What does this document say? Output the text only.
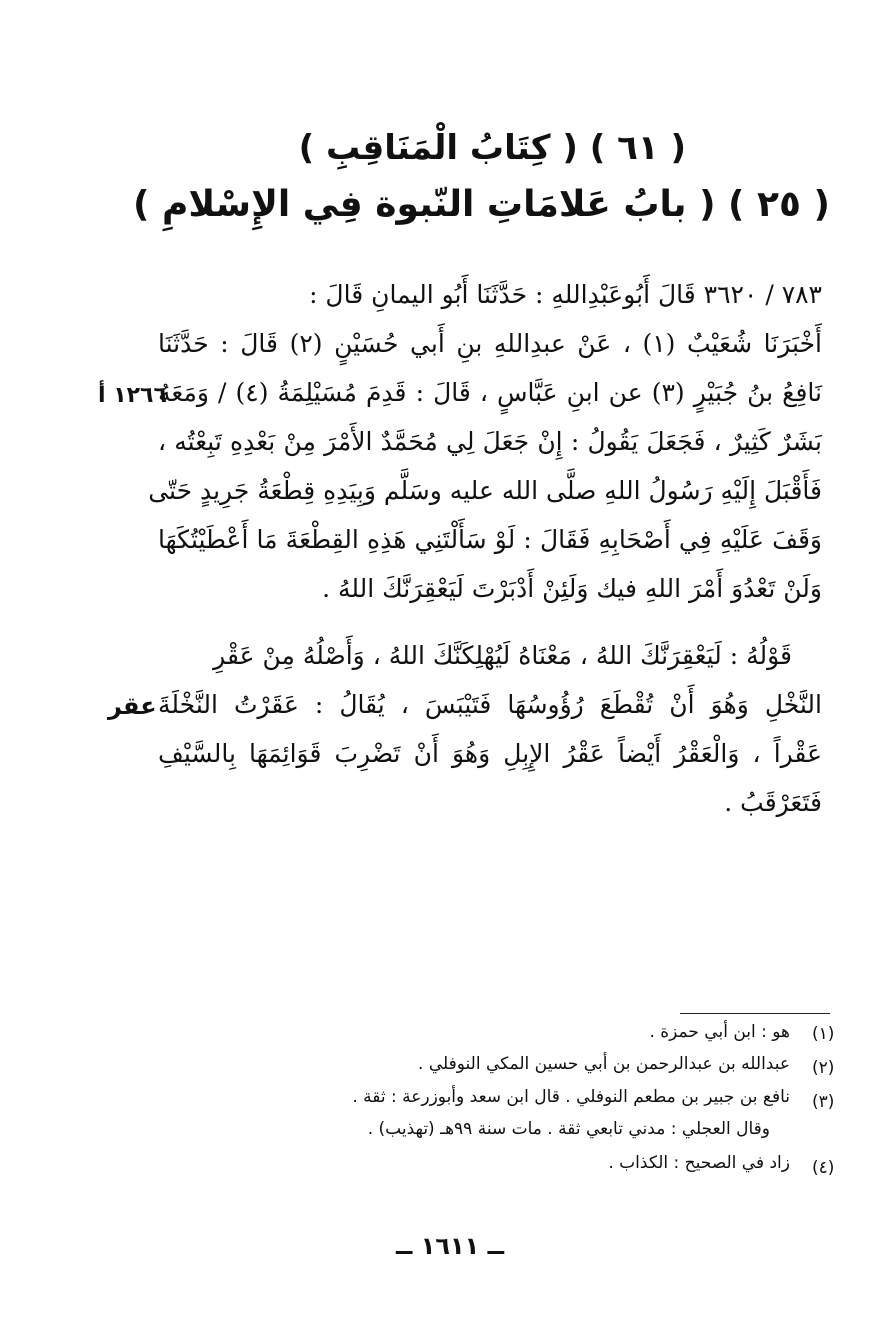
( ٦١ ) ( كِتَابُ الْمَنَاقِبِ )
( ٢٥ ) ( بابُ عَلامَاتِ النّبوة فِي الإِسْلامِ )
٧٨٣ / ٣٦٢٠ قَالَ أَبُوعَبْدِاللهِ : حَدَّثَنَا أَبُو اليمانِ قَالَ :
أَخْبَرَنَا شُعَيْبٌ (١) ، عَنْ عبدِاللهِ بنِ أَبي حُسَيْنٍ (٢) قَالَ : حَدَّثَنَا
نَافِعُ بنُ جُبَيْرٍ (٣) عن ابنِ عَبَّاسٍ ، قَالَ : قَدِمَ مُسَيْلِمَةُ (٤) / وَمَعَهُ
بَشَرٌ كَثِيرٌ ، فَجَعَلَ يَقُولُ : إِنْ جَعَلَ لِي مُحَمَّدٌ الأَمْرَ مِنْ بَعْدِهِ تَبِعْتُه ،
فَأَقْبَلَ إِلَيْهِ رَسُولُ اللهِ صلَّى الله عليه وسَلَّم وَبِيَدِهِ قِطْعَةُ جَرِيدٍ حَتّى
وَقَفَ عَلَيْهِ فِي أَصْحَابِهِ فَقَالَ : لَوْ سَأَلْتَنِي هَذِهِ القِطْعَةَ مَا أَعْطَيْتُكَهَا
وَلَنْ تَعْدُوَ أَمْرَ اللهِ فيك وَلَئِنْ أَدْبَرْتَ لَيَعْقِرَنَّكَ اللهُ .
قَوْلُهُ : لَيَعْقِرَنَّكَ اللهُ ، مَعْنَاهُ لَيُهْلِكَنَّكَ اللهُ ، وَأَصْلُهُ مِنْ عَقْرِ
النَّخْلِ وَهُوَ أَنْ تُقْطَعَ رُؤُوسُهَا فَتَيْبَسَ ، يُقَالُ : عَقَرْتُ النَّخْلَةَ
عَقْراً ، وَالْعَقْرُ أَيْضاً عَقْرُ الإِبِلِ وَهُوَ أَنْ تَضْرِبَ قَوَائِمَهَا بِالسَّيْفِ
فَتَعَرْقَبُ .
١٢٦٦ أ
عقر
(١)
هو : ابن أبي حمزة .
(٢)
عبدالله بن عبدالرحمن بن أبي حسين المكي النوفلي .
(٣)
نافع بن جبير بن مطعم النوفلي . قال ابن سعد وأبوزرعة : ثقة .
وقال العجلي : مدني تابعي ثقة . مات سنة ٩٩هـ (تهذيب) .
(٤)
زاد في الصحيح : الكذاب .
ــ ١٦١١ ــ
